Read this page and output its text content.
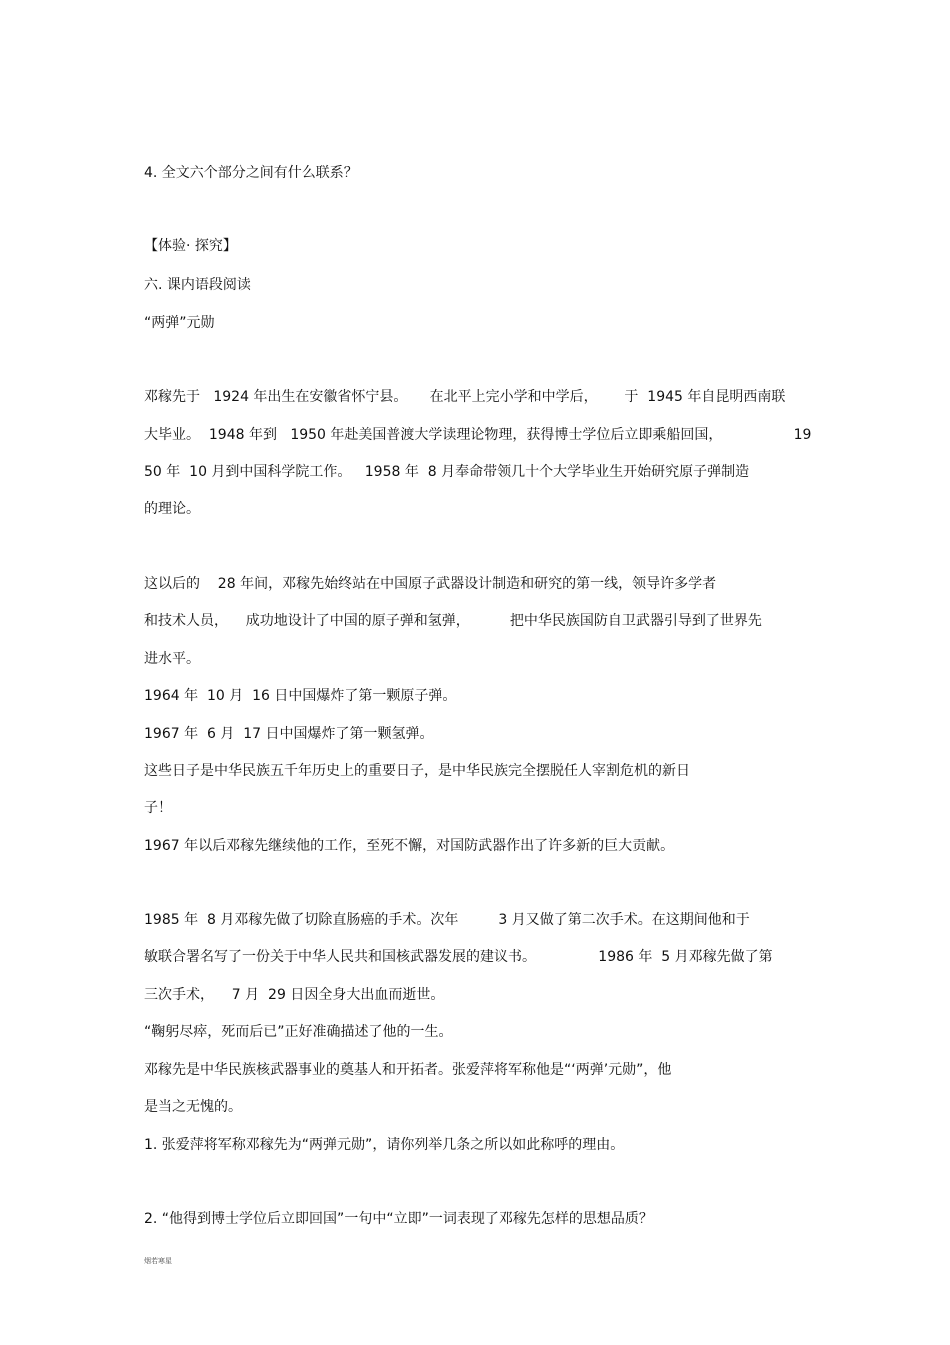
4. 全文六个部分之间有什么联系？
【体验· 探究】
六. 课内语段阅读
“两弹”元勋
邓稼先于   1924 年出生在安徽省怀宁县。     在北平上完小学和中学后，      于  1945 年自昆明西南联
大毕业。  1948 年到   1950 年赴美国普渡大学读理论物理，获得博士学位后立即乘船回国，                19
50 年  10 月到中国科学院工作。   1958 年  8 月奉命带领几十个大学毕业生开始研究原子弹制造
的理论。
这以后的    28 年间，邓稼先始终站在中国原子武器设计制造和研究的第一线，领导许多学者
和技术人员，    成功地设计了中国的原子弹和氢弹，         把中华民族国防自卫武器引导到了世界先
进水平。
1964 年  10 月  16 日中国爆炸了第一颗原子弹。
1967 年  6 月  17 日中国爆炸了第一颗氢弹。
这些日子是中华民族五千年历史上的重要日子，是中华民族完全摆脱任人宰割危机的新日
子！
1967 年以后邓稼先继续他的工作，至死不懈，对国防武器作出了许多新的巨大贡献。
1985 年  8 月邓稼先做了切除直肠癌的手术。次年         3 月又做了第二次手术。在这期间他和于
敏联合署名写了一份关于中华人民共和国核武器发展的建议书。              1986 年  5 月邓稼先做了第
三次手术，    7 月  29 日因全身大出血而逝世。
“鞠躬尽瘁，死而后已”正好准确描述了他的一生。
邓稼先是中华民族核武器事业的奠基人和开拓者。张爱萍将军称他是“‘两弹’元勋”，他
是当之无愧的。
1. 张爱萍将军称邓稼先为“两弹元勋”，请你列举几条之所以如此称呼的理由。
2. “他得到博士学位后立即回国”一句中“立即”一词表现了邓稼先怎样的思想品质？
烟若寒星
